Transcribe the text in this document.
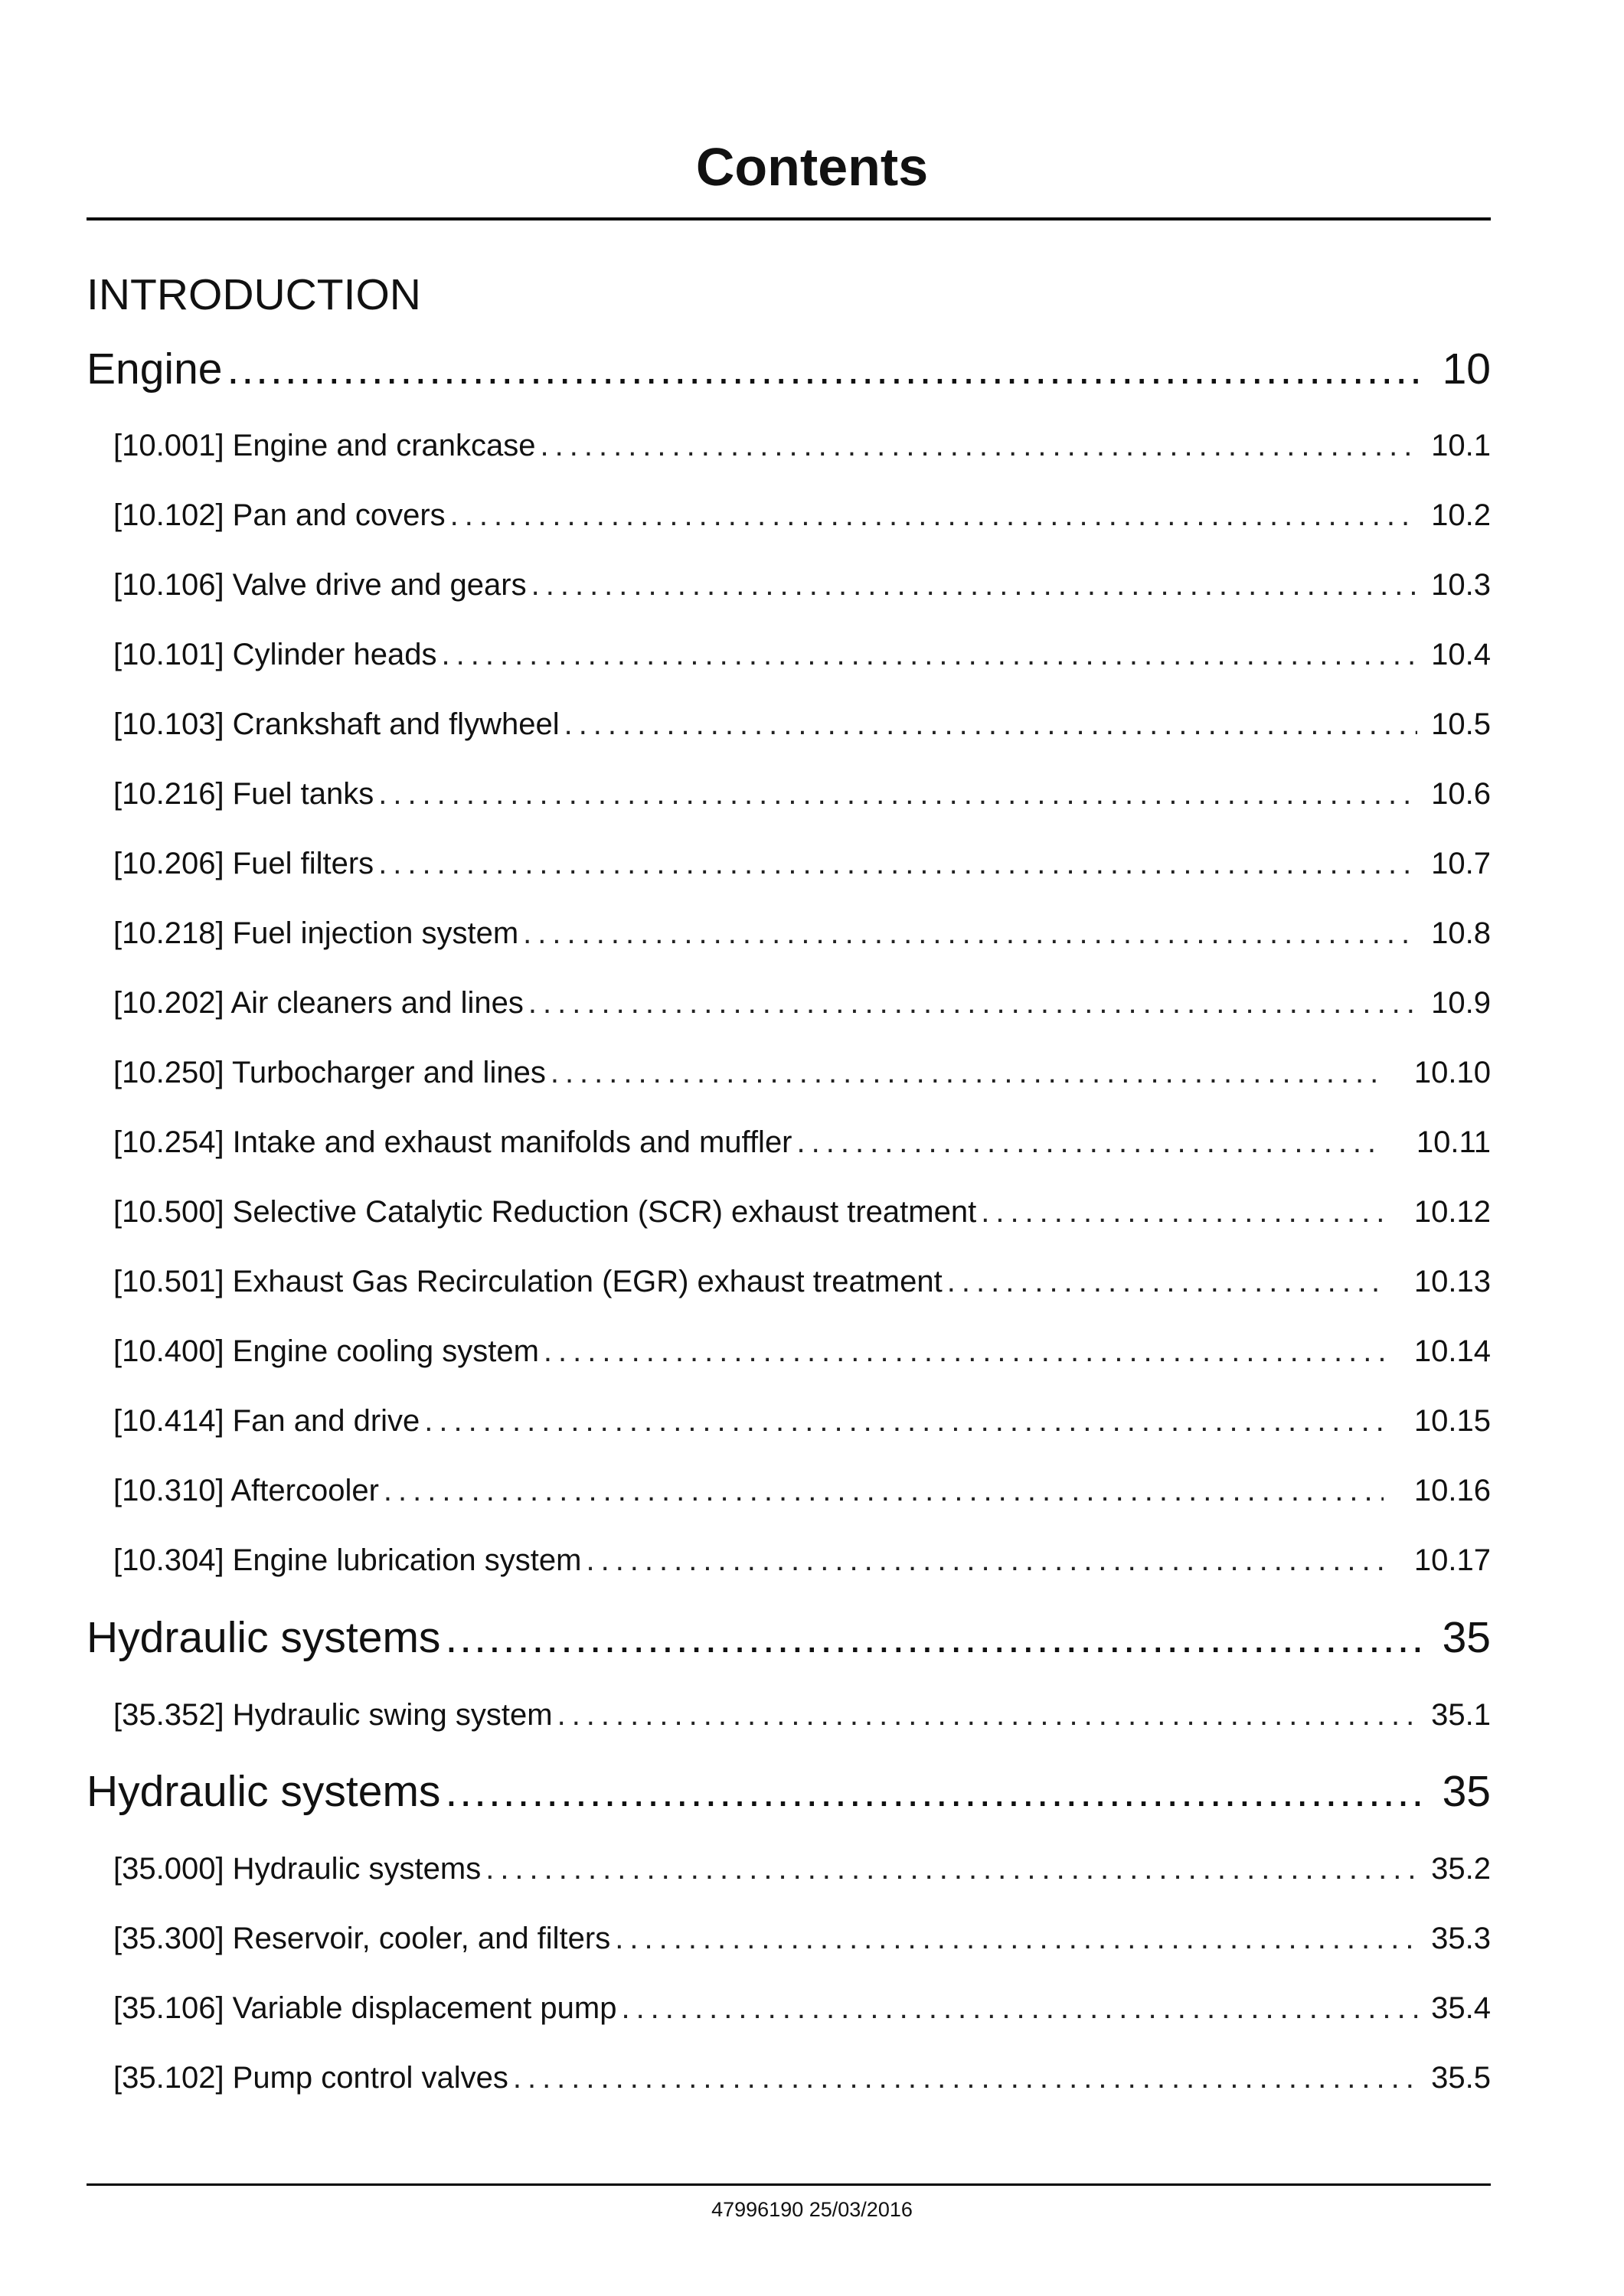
Contents
INTRODUCTION
Engine .....	10
[10.001] Engine and crankcase .....	10.1
[10.102] Pan and covers .....	10.2
[10.106] Valve drive and gears .....	10.3
[10.101] Cylinder heads .....	10.4
[10.103] Crankshaft and flywheel .....	10.5
[10.216] Fuel tanks .....	10.6
[10.206] Fuel filters .....	10.7
[10.218] Fuel injection system .....	10.8
[10.202] Air cleaners and lines .....	10.9
[10.250] Turbocharger and lines .....	10.10
[10.254] Intake and exhaust manifolds and muffler .....	10.11
[10.500] Selective Catalytic Reduction (SCR) exhaust treatment .....	10.12
[10.501] Exhaust Gas Recirculation (EGR) exhaust treatment .....	10.13
[10.400] Engine cooling system .....	10.14
[10.414] Fan and drive .....	10.15
[10.310] Aftercooler .....	10.16
[10.304] Engine lubrication system .....	10.17
Hydraulic systems .....	35
[35.352] Hydraulic swing system .....	35.1
Hydraulic systems .....	35
[35.000] Hydraulic systems .....	35.2
[35.300] Reservoir, cooler, and filters .....	35.3
[35.106] Variable displacement pump .....	35.4
[35.102] Pump control valves .....	35.5
47996190 25/03/2016
